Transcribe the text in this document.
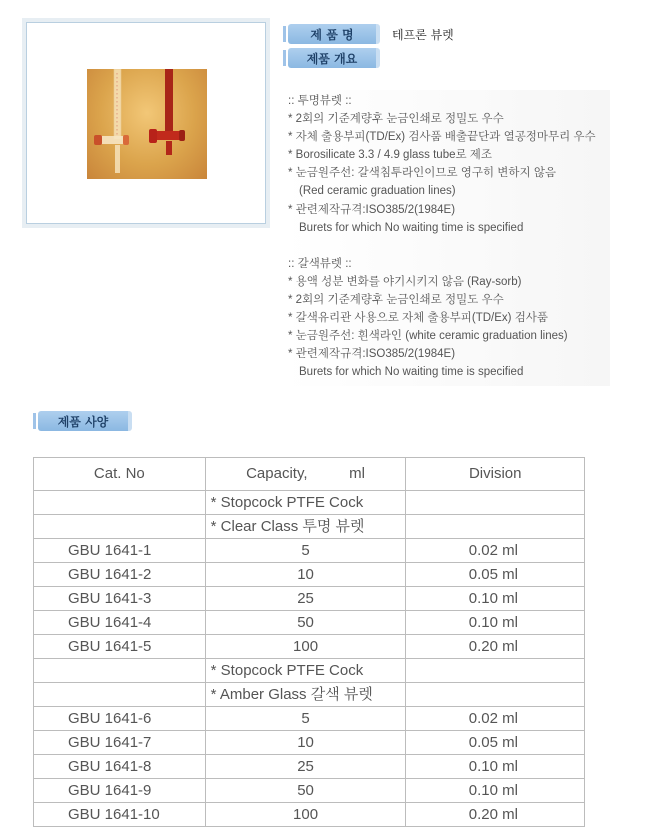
제 품 명	테프론 뷰렛
제품 개요
:: 투명뷰렛 ::
* 2회의 기준계량후 눈금인쇄로 정밀도 우수
* 자체 출용부피(TD/Ex) 검사품 배출끝단과 열공정마무리 우수
* Borosilicate 3.3 / 4.9 glass tube로 제조
* 눈금원주선: 갈색침투라인이므로 영구히 변하지 않음
(Red ceramic graduation lines)
* 관련제작규격:ISO385/2(1984E)
Burets for which No waiting time is specified
:: 갈색뷰렛 ::
* 용액 성분 변화를 야기시키지 않음 (Ray-sorb)
* 2회의 기준계량후 눈금인쇄로 정밀도 우수
* 갈색유리관 사용으로 자체 출용부피(TD/Ex) 검사품
* 눈금원주선: 흰색라인 (white ceramic graduation lines)
* 관련제작규격:ISO385/2(1984E)
Burets for which No waiting time is specified
제품 사양
Cat. No	Capacity,          ml	Division
	* Stopcock PTFE Cock	
	* Clear Class 투명 뷰렛	
GBU 1641-1	5	0.02 ml
GBU 1641-2	10	0.05 ml
GBU 1641-3	25	0.10 ml
GBU 1641-4	50	0.10 ml
GBU 1641-5	100	0.20 ml
	* Stopcock PTFE Cock	
	* Amber Glass 갈색 뷰렛	
GBU 1641-6	5	0.02 ml
GBU 1641-7	10	0.05 ml
GBU 1641-8	25	0.10 ml
GBU 1641-9	50	0.10 ml
GBU 1641-10	100	0.20 ml
